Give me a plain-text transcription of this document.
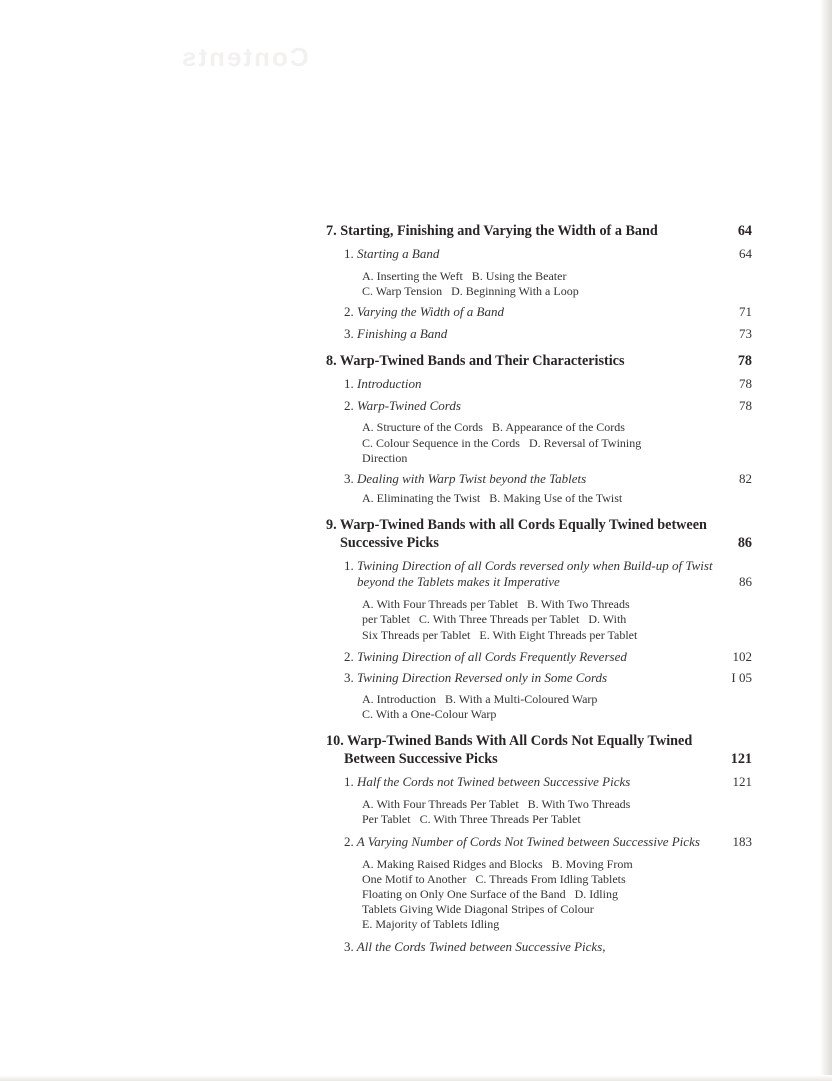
Contents
7. Starting, Finishing and Varying the Width of a Band	64
1. Starting a Band	64
A. Inserting the Weft   B. Using the Beater
C. Warp Tension   D. Beginning With a Loop
2. Varying the Width of a Band	71
3. Finishing a Band	73
8. Warp-Twined Bands and Their Characteristics	78
1. Introduction	78
2. Warp-Twined Cords	78
A. Structure of the Cords   B. Appearance of the Cords
C. Colour Sequence in the Cords   D. Reversal of Twining
Direction
3. Dealing with Warp Twist beyond the Tablets	82
A. Eliminating the Twist   B. Making Use of the Twist
9. Warp-Twined Bands with all Cords Equally Twined between
Successive Picks	86
1. Twining Direction of all Cords reversed only when Build-up of Twist
beyond the Tablets makes it Imperative	86
A. With Four Threads per Tablet   B. With Two Threads
per Tablet   C. With Three Threads per Tablet   D. With
Six Threads per Tablet   E. With Eight Threads per Tablet
2. Twining Direction of all Cords Frequently Reversed	102
3. Twining Direction Reversed only in Some Cords	I 05
A. Introduction   B. With a Multi-Coloured Warp
C. With a One-Colour Warp
10. Warp-Twined Bands With All Cords Not Equally Twined
Between Successive Picks	121
1. Half the Cords not Twined between Successive Picks	121
A. With Four Threads Per Tablet   B. With Two Threads
Per Tablet   C. With Three Threads Per Tablet
2. A Varying Number of Cords Not Twined between Successive Picks	183
A. Making Raised Ridges and Blocks   B. Moving From
One Motif to Another   C. Threads From Idling Tablets
Floating on Only One Surface of the Band   D. Idling
Tablets Giving Wide Diagonal Stripes of Colour
E. Majority of Tablets Idling
3. All the Cords Twined between Successive Picks,
